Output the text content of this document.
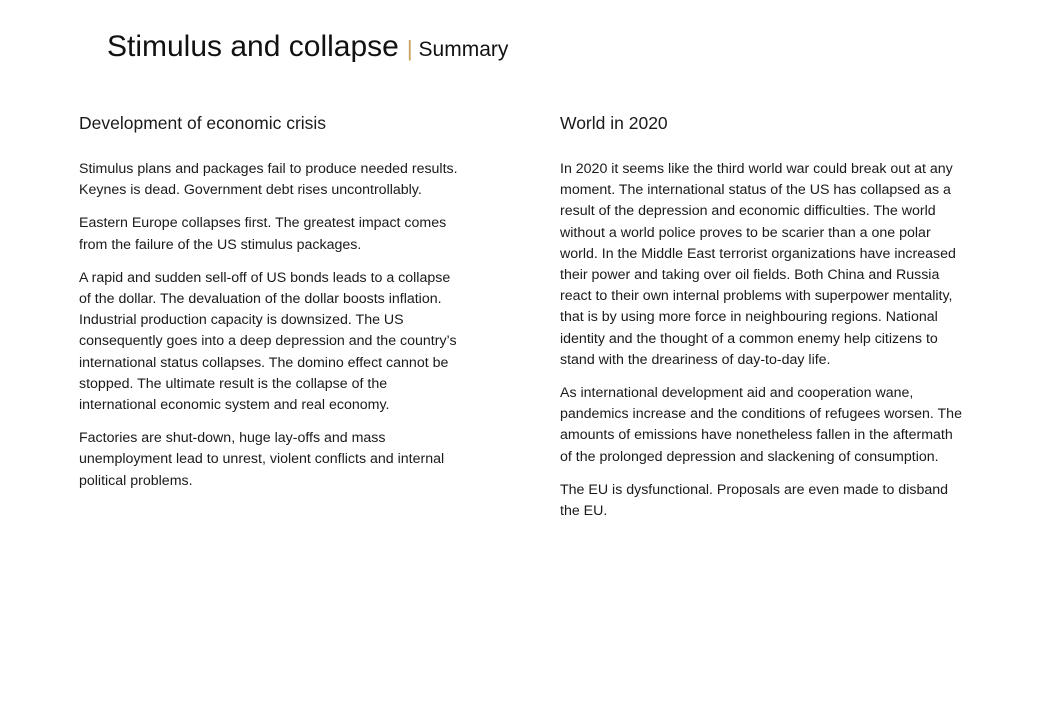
Stimulus and collapse | Summary
Development of economic crisis

Stimulus plans and packages fail to produce needed results. Keynes is dead. Government debt rises uncontrollably.

Eastern Europe collapses first. The greatest impact comes from the failure of the US stimulus packages.

A rapid and sudden sell-off of US bonds leads to a collapse of the dollar. The devaluation of the dollar boosts inflation. Industrial production capacity is downsized. The US consequently goes into a deep depression and the country’s international status collapses. The domino effect cannot be stopped. The ultimate result is the collapse of the international economic system and real economy.

Factories are shut-down, huge lay-offs and mass unemployment lead to unrest, violent conflicts and internal political problems.

World in 2020

In 2020 it seems like the third world war could break out at any moment. The international status of the US has collapsed as a result of the depression and economic difficulties. The world without a world police proves to be scarier than a one polar world. In the Middle East terrorist organizations have increased their power and taking over oil fields. Both China and Russia react to their own internal problems with superpower mentality, that is by using more force in neighbouring regions. National identity and the thought of a common enemy help citizens to stand with the dreariness of day-to-day life.

As international development aid and cooperation wane, pandemics increase and the conditions of refugees worsen. The amounts of emissions have nonetheless fallen in the aftermath of the prolonged depression and slackening of consumption.

The EU is dysfunctional. Proposals are even made to disband the EU.
